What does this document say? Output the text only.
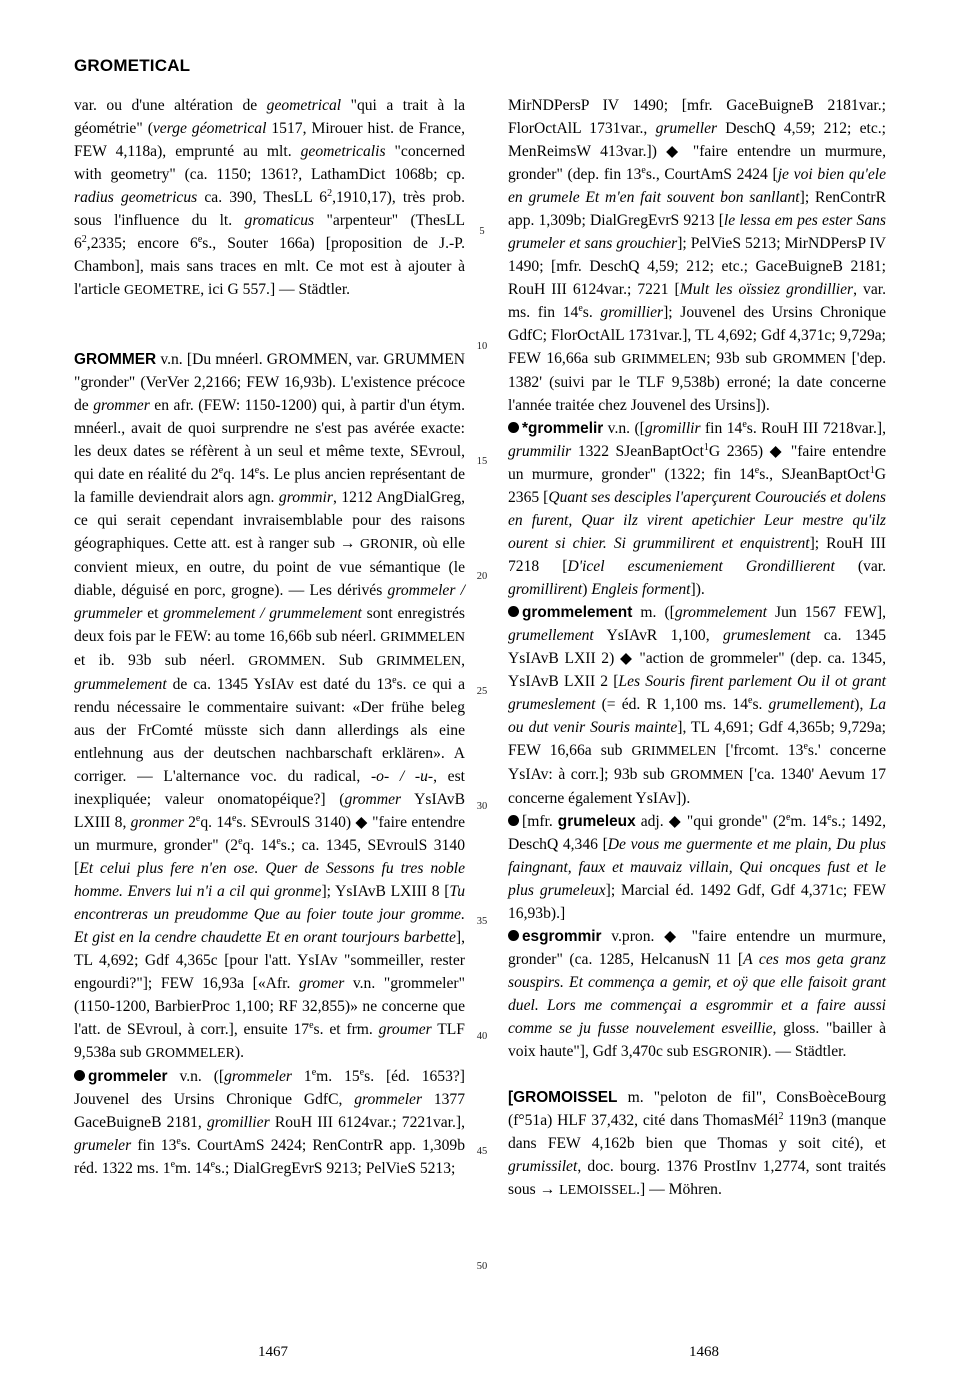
GROMETICAL

var. ou d'une altération de geometrical "qui a trait à la géométrie" (verge géometrical 1517, Mirouer hist. de France, FEW 4,118a), emprunté au mlt. geometricalis "concerned with geometry" (ca. 1150; 1361?, LathamDict 1068b; cp. radius geometricus ca. 390, ThesLL $6^2,1910,17$), très prob. sous l'influence du lt. gromaticus "arpenteur" (ThesLL $6^2,2335$; encore 6es., Souter 166a) [proposition de J.-P. Chambon], mais sans traces en mlt. Ce mot est à ajouter à l'article GEOMETRE, ici G 557.] — Städtler.

GROMMER v.n. [Du mnéerl. GROMMEN, var. GRUMMEN "gronder" (VerVer 2,2166; FEW 16,93b). L'existence précoce de grommer en afr. (FEW: 1150-1200) qui, à partir d'un étym. mnéerl., avait de quoi surprendre ne s'est pas avérée exacte: les deux dates se réfèrent à un seul et même texte, SEvroul, qui date en réalité du 2eq. 14es. Le plus ancien représentant de la famille deviendrait alors agn. grommir, 1212 AngDialGreg, ce qui serait cependant invraisemblable pour des raisons géographiques. Cette att. est à ranger sub → GRONIR, où elle convient mieux, en outre, du point de vue sémantique (le diable, déguisé en porc, grogne). — Les dérivés grommeler / grummeler et grommelement / grummelement sont enregistrés deux fois par le FEW: au tome 16,66b sub néerl. GRIMMELEN et ib. 93b sub néerl. GROMMEN. Sub GRIMMELEN, grummelement de ca. 1345 YsIAv est daté du 13es. ce qui a rendu nécessaire le commentaire suivant: «Der frühe beleg aus der FrComté müsste sich dann allerdings als eine entlehnung aus der deutschen nachbarschaft erklären». A corriger. — L'alternance voc. du radical, -o- / -u-, est inexpliquée; valeur onomatopéique?] (grommer YsIAvB LXIII 8, gronmer 2eq. 14es. SEvroulS 3140) ◆ "faire entendre un murmure, gronder" (2eq. 14es.; ca. 1345, SEvroulS 3140 [Et celui plus fere n'en ose. Quer de Sessons fu tres noble homme. Envers lui n'i a cil qui gronme]; YsIAvB LXIII 8 [Tu encontreras un preudomme Que au foier toute jour gromme. Et gist en la cendre chaudette Et en orant tourjours barbette], TL 4,692; Gdf 4,365c [pour l'att. YsIAv "sommeiller, rester engourdi?"]; FEW 16,93a [«Afr. gromer v.n. "grommeler" (1150-1200, BarbierProc 1,100; RF 32,855)» ne concerne que l'att. de SEvroul, à corr.], ensuite 17es. et frm. groumer TLF 9,538a sub GROMMELER).

grommeler v.n. ([grommeler 1em. 15es. [éd. 1653?] Jouvenel des Ursins Chronique GdfC, grommeler 1377 GaceBuigneB 2181, gromillier RouH III 6124var.; 7221var.], grumeler fin 13es. CourtAmS 2424; RenContrR app. 1,309b réd. 1322 ms. 1em. 14es.; DialGregEvrS 9213; PelVieS 5213;

5
10
15
20
25
30
35
40
45
50

MirNDPersP IV 1490; [mfr. GaceBuigneB 2181var.; FlorOctAlL 1731var., grumeller DeschQ 4,59; 212; etc.; MenReimsW 413var.]) ◆ "faire entendre un murmure, gronder" (dep. fin 13es., CourtAmS 2424 [je voi bien qu'ele en grumele Et m'en fait souvent bon sanllant]; RenContrR app. 1,309b; DialGregEvrS 9213 [le lessa em pes ester Sans grumeler et sans grouchier]; PelVieS 5213; MirNDPersP IV 1490; [mfr. DeschQ 4,59; 212; etc.; GaceBuigneB 2181; RouH III 6124var.; 7221 [Mult les oïssiez grondillier, var. ms. fin 14es. gromillier]; Jouvenel des Ursins Chronique GdfC; FlorOctAlL 1731var.], TL 4,692; Gdf 4,371c; 9,729a; FEW 16,66a sub GRIMMELEN; 93b sub GROMMEN ['dep. 1382' (suivi par le TLF 9,538b) erroné; la date concerne l'année traitée chez Jouvenel des Ursins]).

*grommelir v.n. ([gromillir fin 14es. RouH III 7218var.], grummilir 1322 SJeanBaptOct$^1$G 2365) ◆ "faire entendre un murmure, gronder" (1322; fin 14es., SJeanBaptOct$^1$G 2365 [Quant ses desciples l'aperçurent Courouciés et dolens en furent, Quar ilz virent apetichier Leur mestre qu'ilz ourent si chier. Si grummilirent et enquistrent]; RouH III 7218 [D'icel escumeniement Grondillierent (var. gromillirent) Engleis forment]).

grommelement m. ([grommelement Jun 1567 FEW], grumellement YsIAvR 1,100, grumeslement ca. 1345 YsIAvB LXII 2) ◆ "action de grommeler" (dep. ca. 1345, YsIAvB LXII 2 [Les Souris firent parlement Ou il ot grant grumeslement (= éd. R 1,100 ms. 14es. grumellement), La ou dut venir Souris mainte], TL 4,691; Gdf 4,365b; 9,729a; FEW 16,66a sub GRIMMELEN ['frcomt. 13es.' concerne YsIAv: à corr.]; 93b sub GROMMEN ['ca. 1340' Aevum 17 concerne également YsIAv]).

[mfr. grumeleux adj. ◆ "qui gronde" (2em. 14es.; 1492, DeschQ 4,346 [De vous me guermente et me plain, Du plus faingnant, faux et mauvaiz villain, Qui oncques fust et le plus grumeleux]; Marcial éd. 1492 Gdf, Gdf 4,371c; FEW 16,93b).]

esgrommir v.pron. ◆ "faire entendre un murmure, gronder" (ca. 1285, HelcanusN 11 [A ces mos geta granz souspirs. Et commença a gemir, et oÿ que elle faisoit grant duel. Lors me commençai a esgrommir et a faire aussi comme se ju fusse nouvelement esveillie, gloss. "bailler à voix haute"], Gdf 3,470c sub ESGRONIR). — Städtler.

[GROMOISSEL m. "peloton de fil", ConsBoèceBourg (f°51a) HLF 37,432, cité dans ThomasMél$^2$ 119n3 (manque dans FEW 4,162b bien que Thomas y soit cité), et grumissilet, doc. bourg. 1376 ProstInv 1,2774, sont traités sous → LEMOISSEL.] — Möhren.

1467	1468
